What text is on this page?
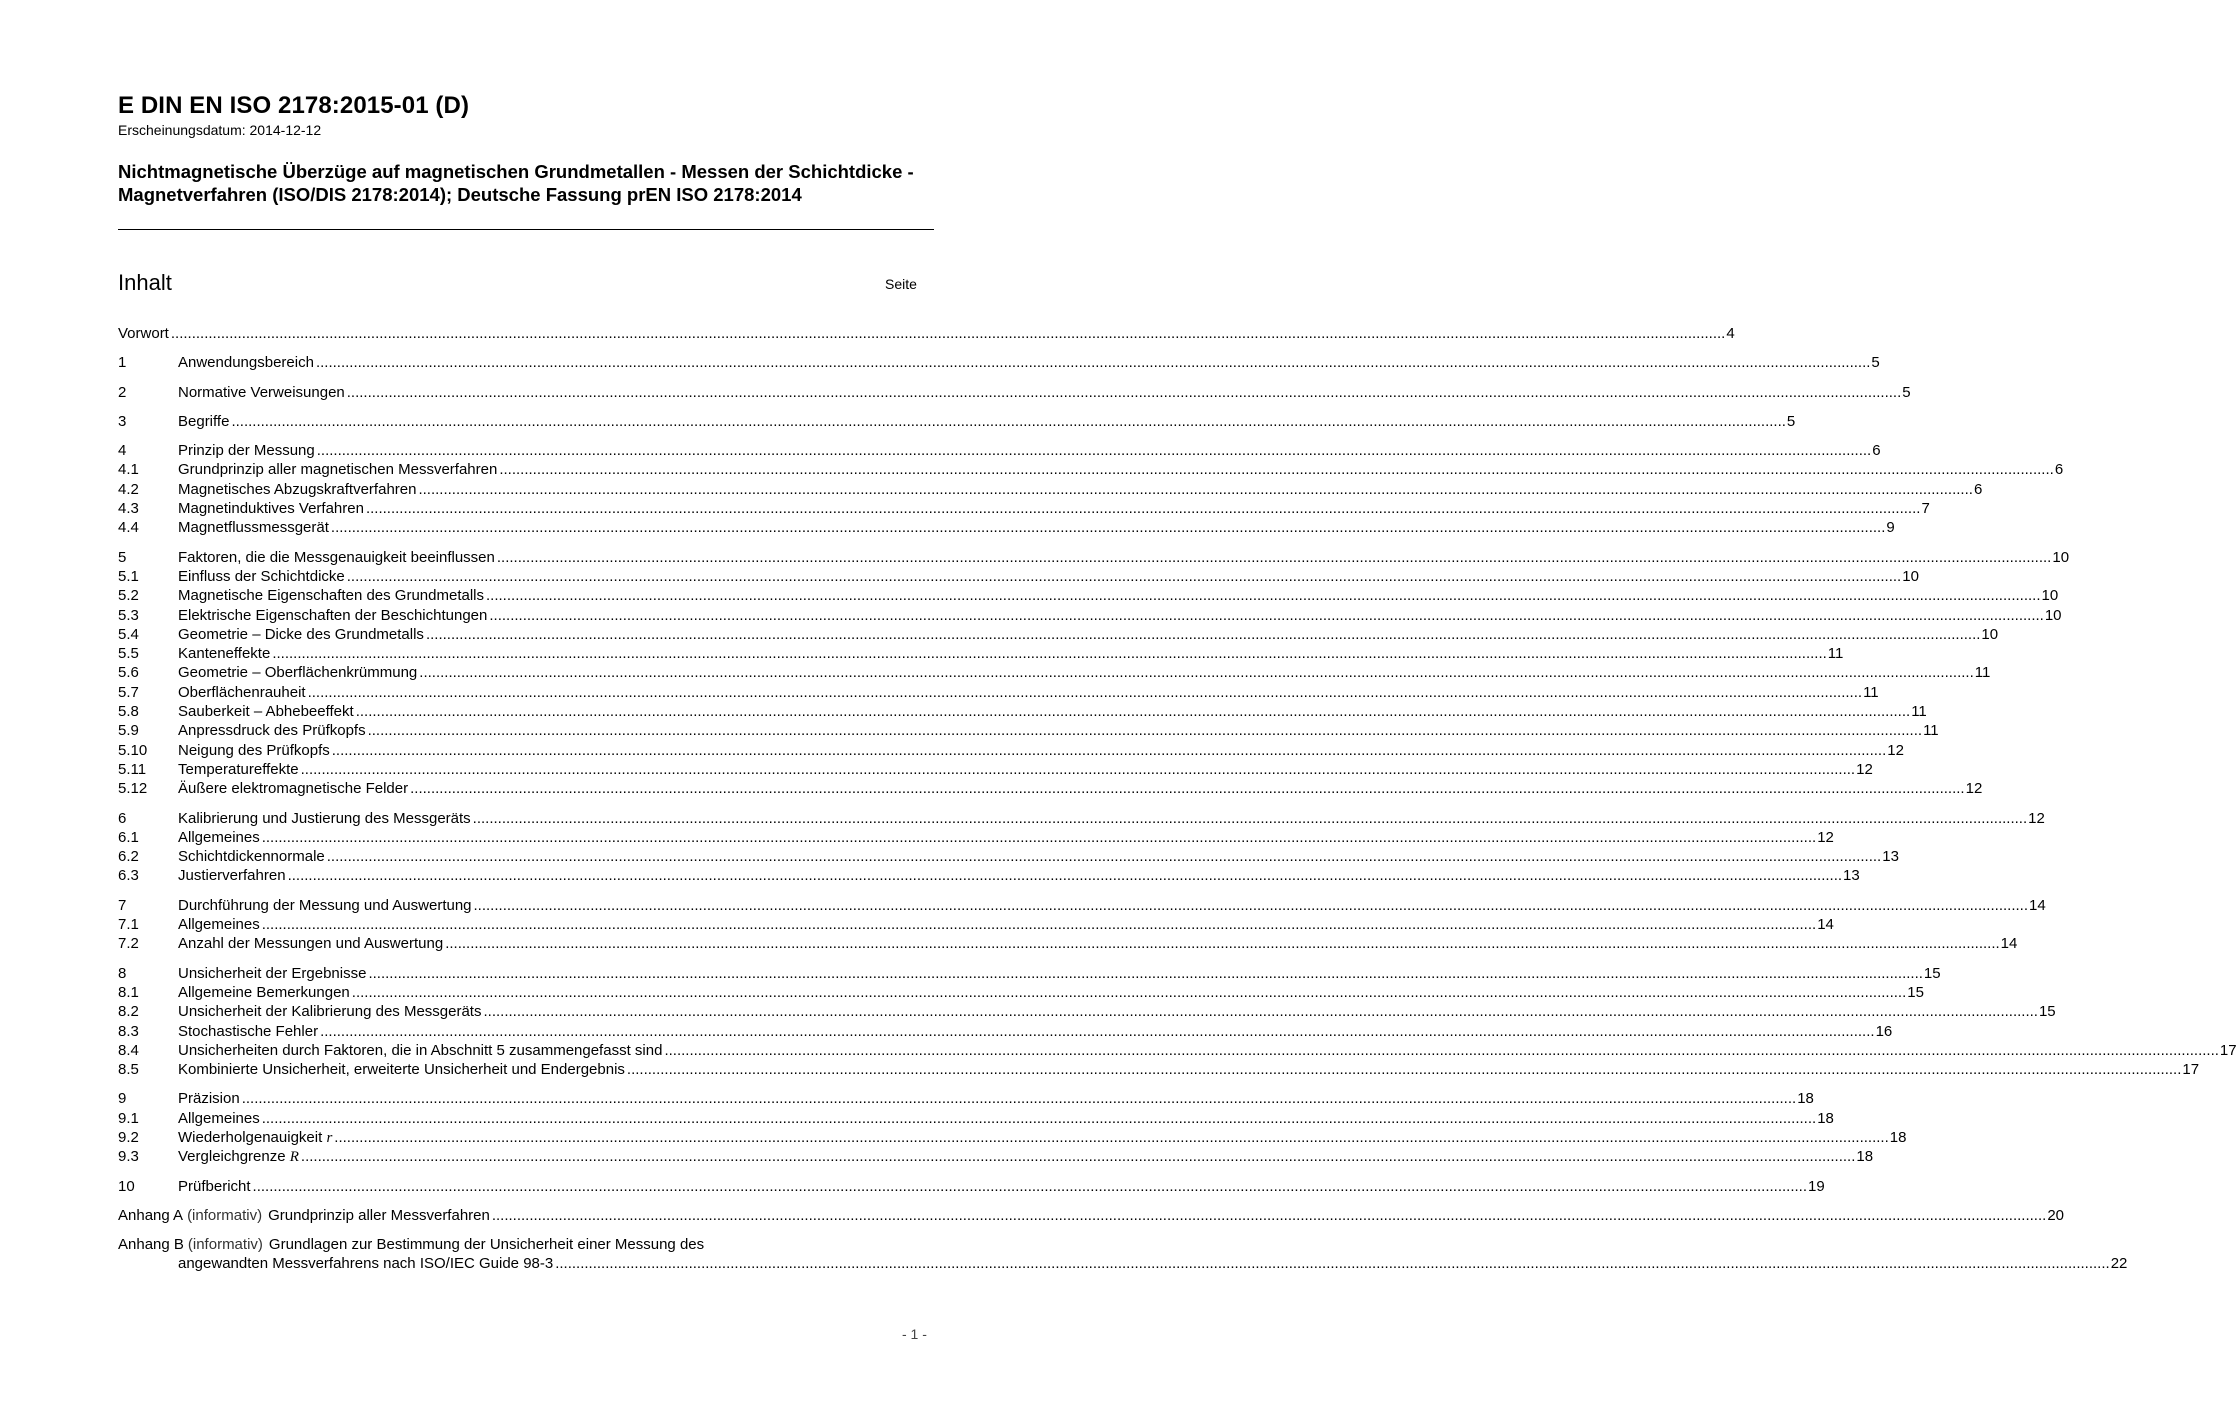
E DIN EN ISO 2178:2015-01 (D)
Erscheinungsdatum: 2014-12-12
Nichtmagnetische Überzüge auf magnetischen Grundmetallen - Messen der Schichtdicke - Magnetverfahren (ISO/DIS 2178:2014); Deutsche Fassung prEN ISO 2178:2014
Inhalt	Seite
Vorwort .....	4
1	Anwendungsbereich .....	5
2	Normative Verweisungen .....	5
3	Begriffe .....	5
4	Prinzip der Messung .....	6
4.1	Grundprinzip aller magnetischen Messverfahren .....	6
4.2	Magnetisches Abzugskraftverfahren .....	6
4.3	Magnetinduktives Verfahren .....	7
4.4	Magnetflussmessgerät .....	9
5	Faktoren, die die Messgenauigkeit beeinflussen .....	10
5.1	Einfluss der Schichtdicke .....	10
5.2	Magnetische Eigenschaften des Grundmetalls .....	10
5.3	Elektrische Eigenschaften der Beschichtungen .....	10
5.4	Geometrie – Dicke des Grundmetalls .....	10
5.5	Kanteneffekte .....	11
5.6	Geometrie – Oberflächenkrümmung .....	11
5.7	Oberflächenrauheit .....	11
5.8	Sauberkeit – Abhebeeffekt .....	11
5.9	Anpressdruck des Prüfkopfs .....	11
5.10	Neigung des Prüfkopfs .....	12
5.11	Temperatureffekte .....	12
5.12	Äußere elektromagnetische Felder .....	12
6	Kalibrierung und Justierung des Messgeräts .....	12
6.1	Allgemeines .....	12
6.2	Schichtdickennormale .....	13
6.3	Justierverfahren .....	13
7	Durchführung der Messung und Auswertung .....	14
7.1	Allgemeines .....	14
7.2	Anzahl der Messungen und Auswertung .....	14
8	Unsicherheit der Ergebnisse .....	15
8.1	Allgemeine Bemerkungen .....	15
8.2	Unsicherheit der Kalibrierung des Messgeräts .....	15
8.3	Stochastische Fehler .....	16
8.4	Unsicherheiten durch Faktoren, die in Abschnitt 5 zusammengefasst sind .....	17
8.5	Kombinierte Unsicherheit, erweiterte Unsicherheit und Endergebnis .....	17
9	Präzision .....	18
9.1	Allgemeines .....	18
9.2	Wiederholgenauigkeit r .....	18
9.3	Vergleichgrenze R .....	18
10	Prüfbericht .....	19
Anhang A (informativ) Grundprinzip aller Messverfahren .....	20
Anhang B (informativ) Grundlagen zur Bestimmung der Unsicherheit einer Messung des
angewandten Messverfahrens nach ISO/IEC Guide 98-3 .....	22
- 1 -
